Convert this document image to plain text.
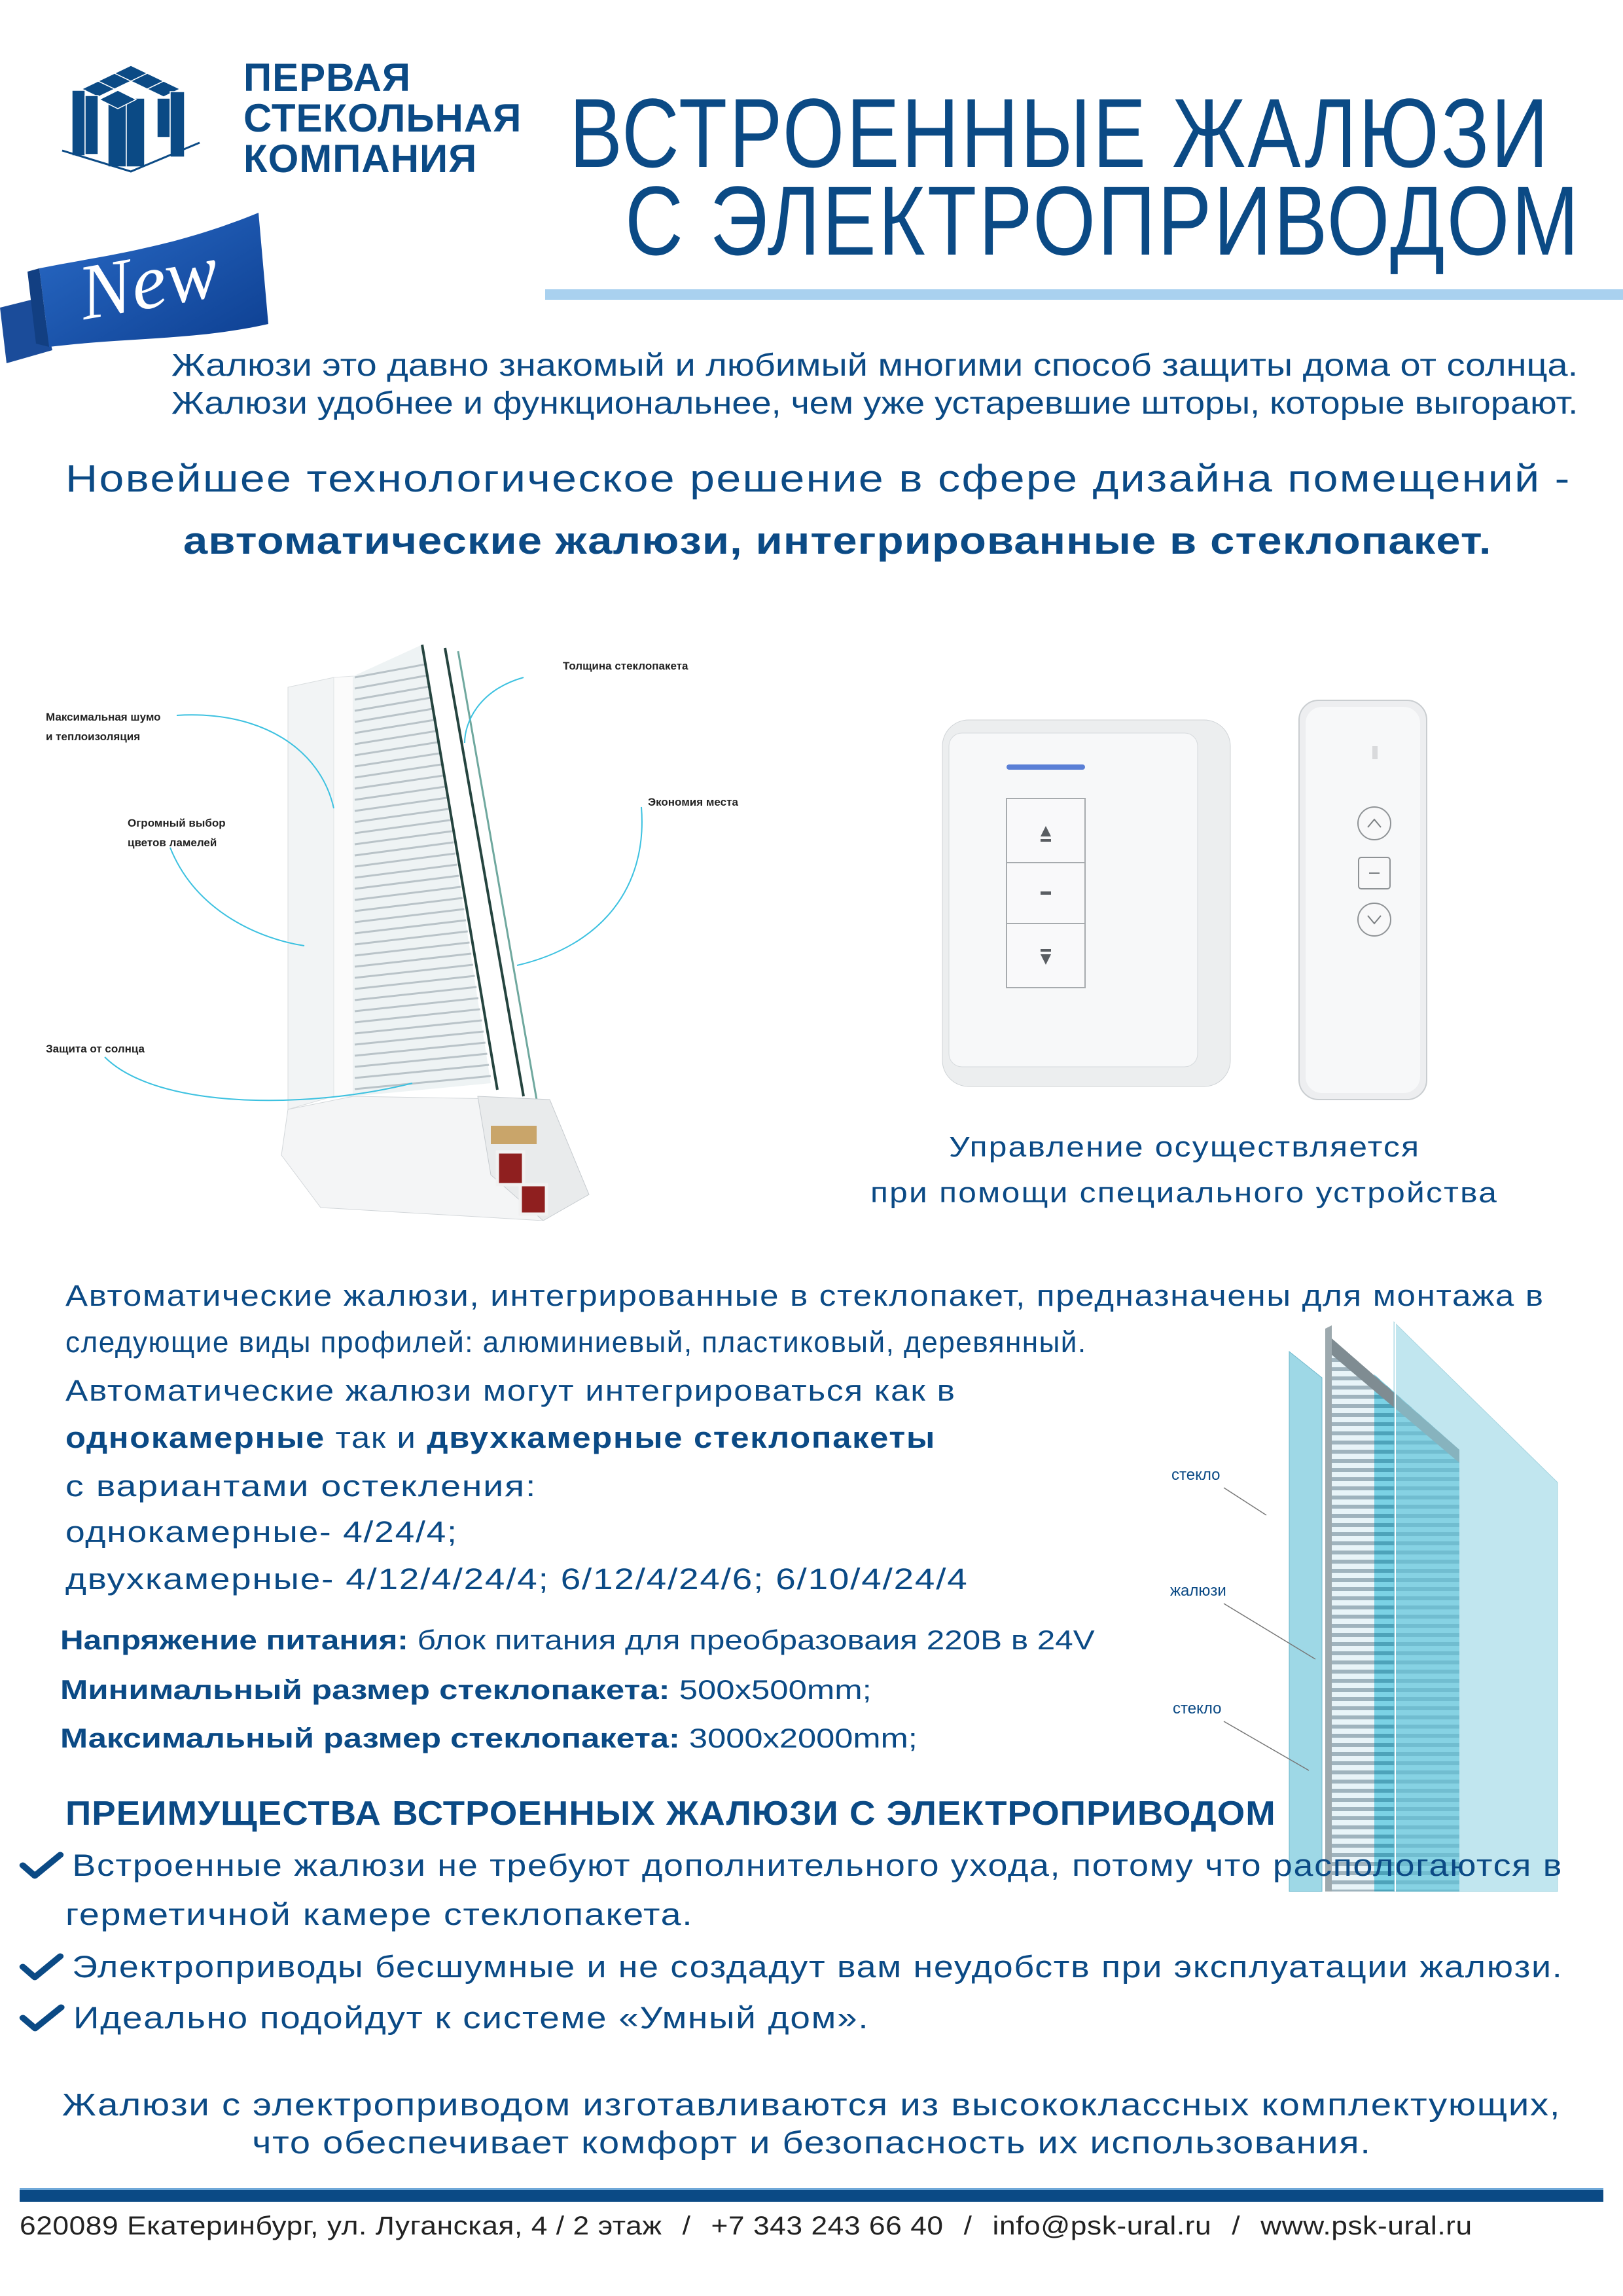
ПЕРВАЯ
СТЕКОЛЬНАЯ
КОМПАНИЯ
New
ВСТРОЕННЫЕ ЖАЛЮЗИ
С ЭЛЕКТРОПРИВОДОМ
Жалюзи это давно знакомый и любимый многими способ защиты дома от солнца.
Жалюзи удобнее и функциональнее, чем уже устаревшие шторы, которые выгорают.
Новейшее технологическое решение в сфере дизайна помещений -
автоматические жалюзи, интегрированные в стеклопакет.
Максимальная шумо
и теплоизоляция
Огромный выбор
цветов ламелей
Защита от солнца
Толщина стеклопакета
Экономия места
Управление осуществляется
при помощи специального устройства
Автоматические жалюзи, интегрированные в стеклопакет, предназначены для монтажа в
следующие виды профилей: алюминиевый, пластиковый, деревянный.
Автоматические жалюзи могут интегрироваться как в
однокамерные так и двухкамерные стеклопакеты
с вариантами остекления:
однокамерные- 4/24/4;
двухкамерные- 4/12/4/24/4; 6/12/4/24/6; 6/10/4/24/4
стекло
жалюзи
стекло
Напряжение питания: блок питания для преобразоваия 220В в 24V
Минимальный размер стеклопакета: 500x500mm;
Максимальный размер стеклопакета: 3000x2000mm;
ПРЕИМУЩЕСТВА ВСТРОЕННЫХ ЖАЛЮЗИ С ЭЛЕКТРОПРИВОДОМ
Встроенные жалюзи не требуют дополнительного ухода, потому что распологаются в
герметичной камере стеклопакета.
Электроприводы бесшумные и не создадут вам неудобств при эксплуатации жалюзи.
Идеально подойдут к системе «Умный дом».
Жалюзи с электроприводом изготавливаются из высококлассных комплектующих,
что обеспечивает комфорт и безопасность их использования.
620089 Екатеринбург, ул. Луганская, 4 / 2 этаж / +7 343 243 66 40 / info@psk-ural.ru / www.psk-ural.ru
